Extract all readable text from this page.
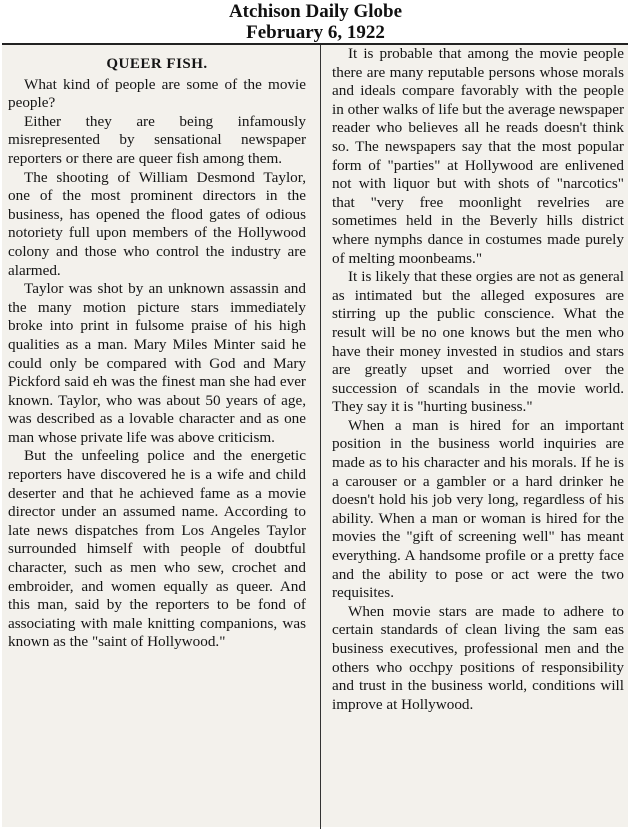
Atchison Daily Globe
February 6, 1922
QUEER FISH.

What kind of people are some of the movie people?

Either they are being infamously misrepresented by sensational newspaper reporters or there are queer fish among them.

The shooting of William Desmond Taylor, one of the most prominent directors in the business, has opened the flood gates of odious notoriety full upon members of the Hollywood colony and those who control the industry are alarmed.

Taylor was shot by an unknown assassin and the many motion picture stars immediately broke into print in fulsome praise of his high qualities as a man. Mary Miles Minter said he could only be compared with God and Mary Pickford said eh was the finest man she had ever known. Taylor, who was about 50 years of age, was described as a lovable character and as one man whose private life was above criticism.

But the unfeeling police and the energetic reporters have discovered he is a wife and child deserter and that he achieved fame as a movie director under an assumed name. According to late news dispatches from Los Angeles Taylor surrounded himself with people of doubtful character, such as men who sew, crochet and embroider, and women equally as queer. And this man, said by the reporters to be fond of associating with male knitting companions, was known as the "saint of Hollywood."

It is probable that among the movie people there are many reputable persons whose morals and ideals compare favorably with the people in other walks of life but the average newspaper reader who believes all he reads doesn't think so. The newspapers say that the most popular form of "parties" at Hollywood are enlivened not with liquor but with shots of "narcotics" that "very free moonlight revelries are sometimes held in the Beverly hills district where nymphs dance in costumes made purely of melting moonbeams."

It is likely that these orgies are not as general as intimated but the alleged exposures are stirring up the public conscience. What the result will be no one knows but the men who have their money invested in studios and stars are greatly upset and worried over the succession of scandals in the movie world. They say it is "hurting business."

When a man is hired for an important position in the business world inquiries are made as to his character and his morals. If he is a carouser or a gambler or a hard drinker he doesn't hold his job very long, regardless of his ability. When a man or woman is hired for the movies the "gift of screening well" has meant everything. A handsome profile or a pretty face and the ability to pose or act were the two requisites.

When movie stars are made to adhere to certain standards of clean living the sam eas business executives, professional men and the others who occhpy positions of responsibility and trust in the business world, conditions will improve at Hollywood.
